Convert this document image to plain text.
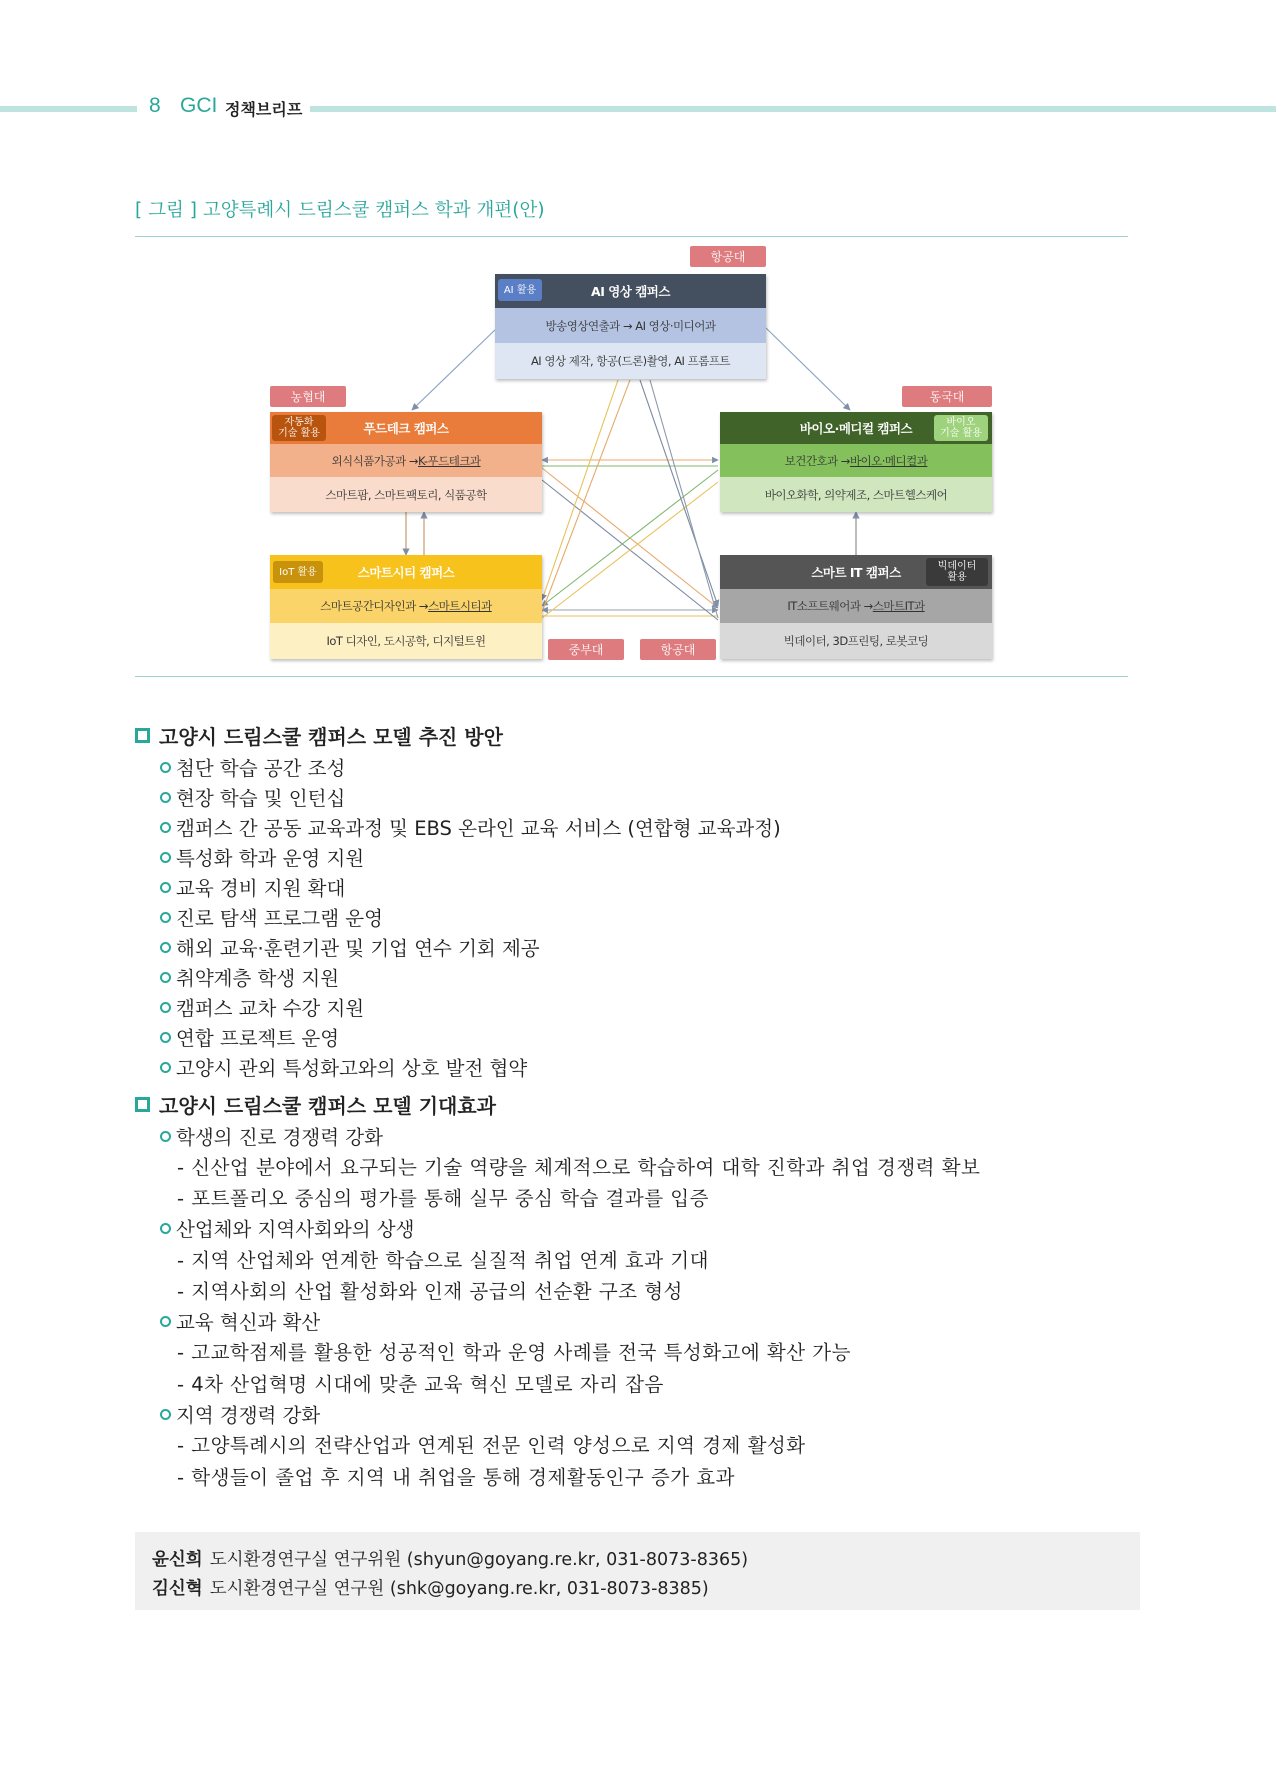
8 GCI 정책브리프
[ 그림 ] 고양특례시 드림스쿨 캠퍼스 학과 개편(안)
항공대
AI 영상 캠퍼스
방송영상연출과 → AI 영상·미디어과
AI 영상 제작, 항공(드론)촬영, AI 프롬프트
AI 활용
농협대
푸드테크 캠퍼스
외식식품가공과 → K-푸드테크과
스마트팜, 스마트팩토리, 식품공학
자동화
기술 활용
동국대
바이오·메디컬 캠퍼스
보건간호과 → 바이오·메디컬과
바이오화학, 의약제조, 스마트헬스케어
바이오
기술 활용
스마트시티 캠퍼스
스마트공간디자인과 → 스마트시티과
IoT 디자인, 도시공학, 디지털트윈
IoT 활용	스마트 IT 캠퍼스
IT소프트웨어과 → 스마트IT과
빅데이터, 3D프린팅, 로봇코딩
빅데이터
활용
중부대	항공대
고양시 드림스쿨 캠퍼스 모델 추진 방안
첨단 학습 공간 조성
현장 학습 및 인턴십
캠퍼스 간 공동 교육과정 및 EBS 온라인 교육 서비스 (연합형 교육과정)
특성화 학과 운영 지원
교육 경비 지원 확대
진로 탐색 프로그램 운영
해외 교육·훈련기관 및 기업 연수 기회 제공
취약계층 학생 지원
캠퍼스 교차 수강 지원
연합 프로젝트 운영
고양시 관외 특성화고와의 상호 발전 협약
고양시 드림스쿨 캠퍼스 모델 기대효과
학생의 진로 경쟁력 강화
- 신산업 분야에서 요구되는 기술 역량을 체계적으로 학습하여 대학 진학과 취업 경쟁력 확보
- 포트폴리오 중심의 평가를 통해 실무 중심 학습 결과를 입증
산업체와 지역사회와의 상생
- 지역 산업체와 연계한 학습으로 실질적 취업 연계 효과 기대
- 지역사회의 산업 활성화와 인재 공급의 선순환 구조 형성
교육 혁신과 확산
- 고교학점제를 활용한 성공적인 학과 운영 사례를 전국 특성화고에 확산 가능
- 4차 산업혁명 시대에 맞춘 교육 혁신 모델로 자리 잡음
지역 경쟁력 강화
- 고양특례시의 전략산업과 연계된 전문 인력 양성으로 지역 경제 활성화
- 학생들이 졸업 후 지역 내 취업을 통해 경제활동인구 증가 효과
윤신희 도시환경연구실 연구위원 (shyun@goyang.re.kr, 031-8073-8365)
김신혁 도시환경연구실 연구원 (shk@goyang.re.kr, 031-8073-8385)
